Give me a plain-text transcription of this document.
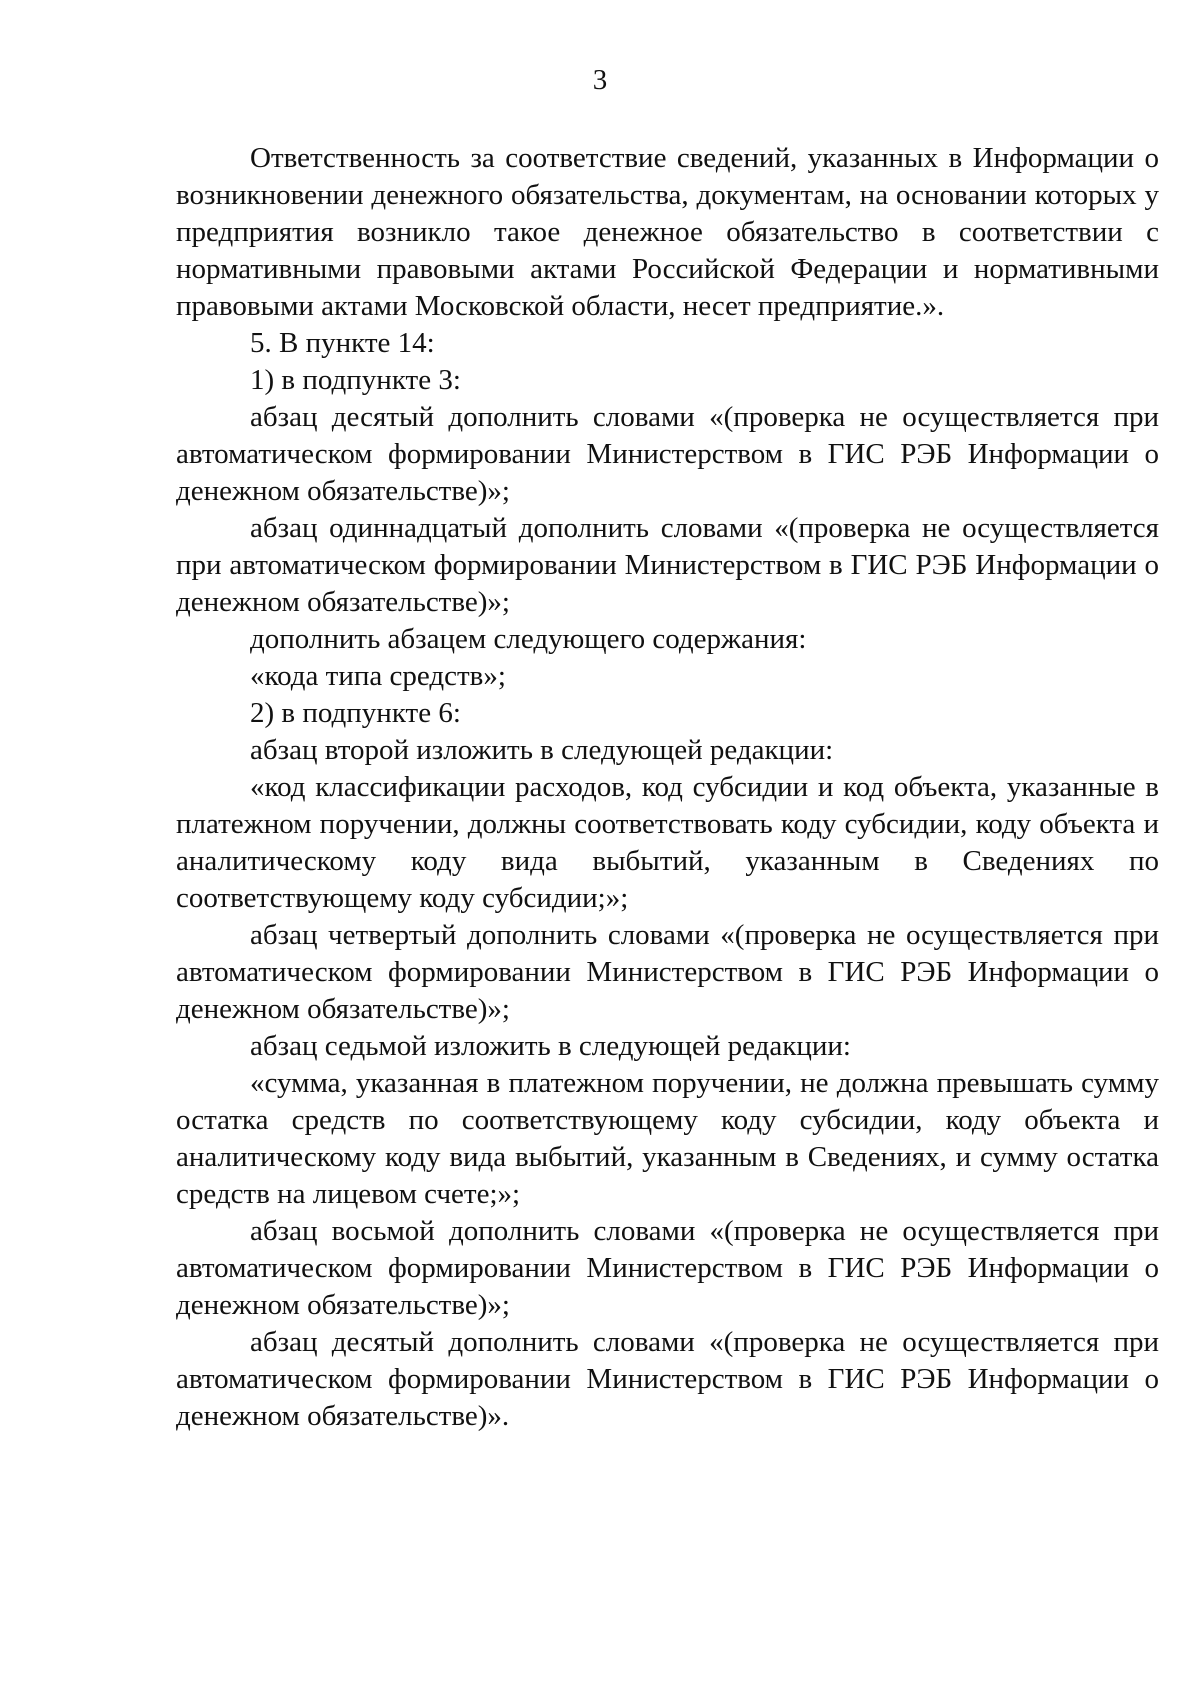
3

Ответственность за соответствие сведений, указанных в Информации о возникновении денежного обязательства, документам, на основании которых у предприятия возникло такое денежное обязательство в соответствии с нормативными правовыми актами Российской Федерации и нормативными правовыми актами Московской области, несет предприятие.».

5. В пункте 14:

1) в подпункте 3:

абзац десятый дополнить словами «(проверка не осуществляется при автоматическом формировании Министерством в ГИС РЭБ Информации о денежном обязательстве)»;

абзац одиннадцатый дополнить словами «(проверка не осуществляется при автоматическом формировании Министерством в ГИС РЭБ Информации о денежном обязательстве)»;

дополнить абзацем следующего содержания:

«кода типа средств»;

2) в подпункте 6:

абзац второй изложить в следующей редакции:

«код классификации расходов, код субсидии и код объекта, указанные в платежном поручении, должны соответствовать коду субсидии, коду объекта и аналитическому коду вида выбытий, указанным в Сведениях по соответствующему коду субсидии;»;

абзац четвертый дополнить словами «(проверка не осуществляется при автоматическом формировании Министерством в ГИС РЭБ Информации о денежном обязательстве)»;

абзац седьмой изложить в следующей редакции:

«сумма, указанная в платежном поручении, не должна превышать сумму остатка средств по соответствующему коду субсидии, коду объекта и аналитическому коду вида выбытий, указанным в Сведениях, и сумму остатка средств на лицевом счете;»;

абзац восьмой дополнить словами «(проверка не осуществляется при автоматическом формировании Министерством в ГИС РЭБ Информации о денежном обязательстве)»;

абзац десятый дополнить словами «(проверка не осуществляется при автоматическом формировании Министерством в ГИС РЭБ Информации о денежном обязательстве)».
